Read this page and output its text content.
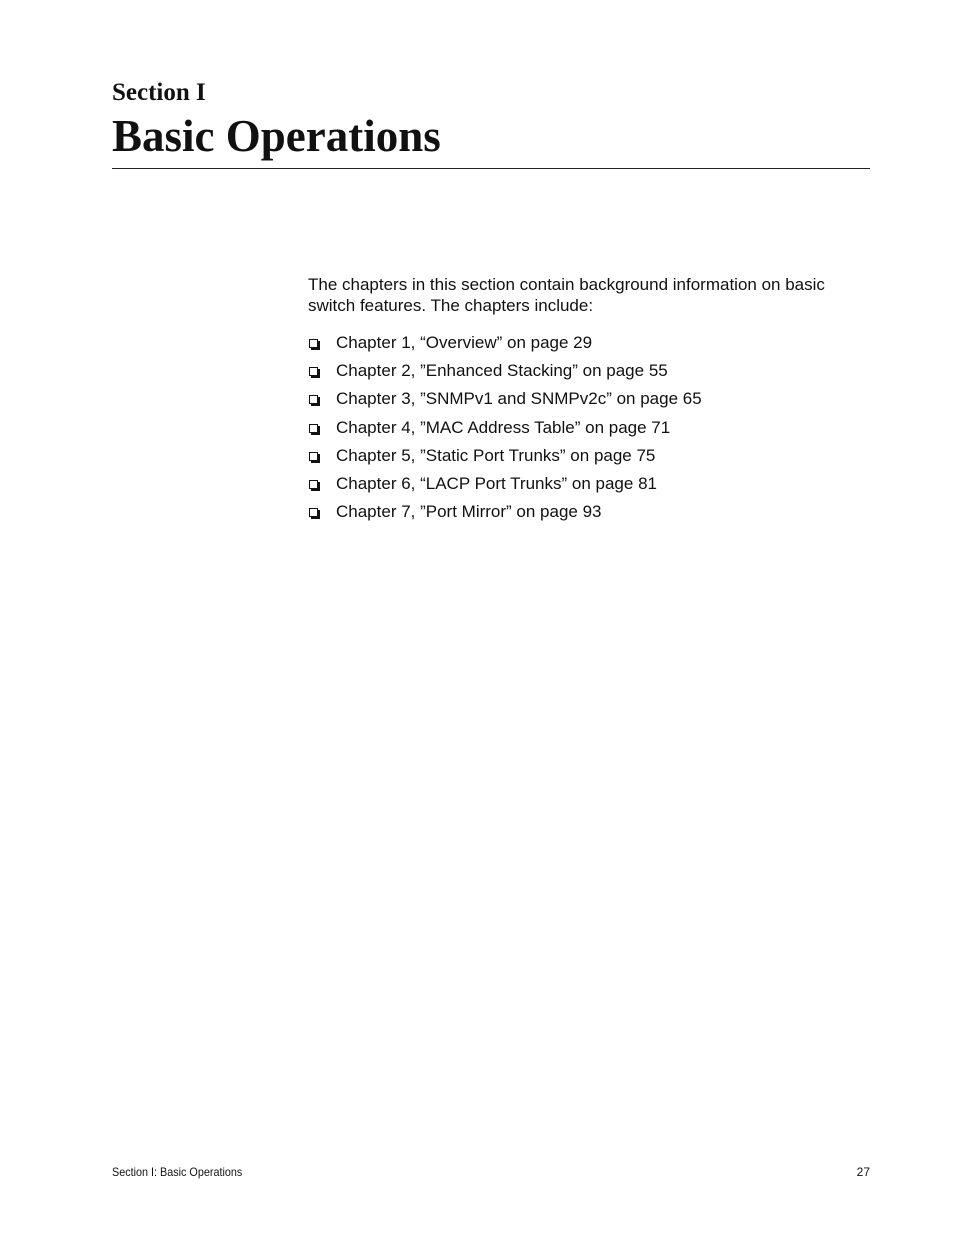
Section I
Basic Operations

The chapters in this section contain background information on basic switch features. The chapters include:

Chapter 1, “Overview” on page 29
Chapter 2, ”Enhanced Stacking” on page 55
Chapter 3, ”SNMPv1 and SNMPv2c” on page 65
Chapter 4, ”MAC Address Table” on page 71
Chapter 5, ”Static Port Trunks” on page 75
Chapter 6, “LACP Port Trunks” on page 81
Chapter 7, ”Port Mirror” on page 93
Section I: Basic Operations	27
